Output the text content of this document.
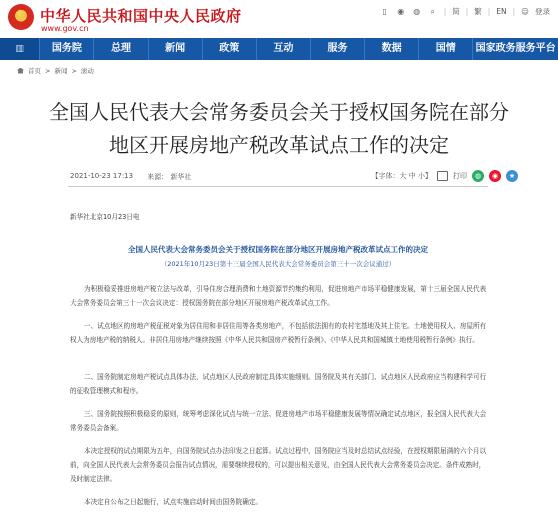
★
中华人民共和国中央人民政府
www.gov.cn
▯	◉ ◍	⌕	| 简 | 繁 | EN | ☺ 登录
▥	国务院	总理	新闻	政策	互动	服务	数据	国情	国家政务服务平台
首页 > 新闻 > 滚动
全国人民代表大会常务委员会关于授权国务院在部分
地区开展房地产税改革试点工作的决定
2021-10-23 17:13 来源： 新华社	【字体：大 中 小】	打印	◍	◉	★
新华社北京10月23日电
全国人民代表大会常务委员会关于授权国务院在部分地区开展房地产税改革试点工作的决定
（2021年10月23日第十三届全国人民代表大会常务委员会第三十一次会议通过）
为积极稳妥推进房地产税立法与改革，引导住房合理消费和土地资源节约集约利用，促进房地产市场平稳健康发展，第十三届全国人民代表大会常务委员会第三十一次会议决定：授权国务院在部分地区开展房地产税改革试点工作。
一、试点地区的房地产税征税对象为居住用和非居住用等各类房地产，不包括依法拥有的农村宅基地及其上住宅。土地使用权人、房屋所有权人为房地产税的纳税人。非居住用房地产继续按照《中华人民共和国房产税暂行条例》、《中华人民共和国城镇土地使用税暂行条例》执行。
二、国务院制定房地产税试点具体办法，试点地区人民政府制定具体实施细则。国务院及其有关部门、试点地区人民政府应当构建科学可行的征收管理模式和程序。
三、国务院按照积极稳妥的原则，统筹考虑深化试点与统一立法、促进房地产市场平稳健康发展等情况确定试点地区，报全国人民代表大会常务委员会备案。
本决定授权的试点期限为五年，自国务院试点办法印发之日起算。试点过程中，国务院应当及时总结试点经验，在授权期限届满的六个月以前，向全国人民代表大会常务委员会报告试点情况，需要继续授权的，可以提出相关意见，由全国人民代表大会常务委员会决定。条件成熟时，及时制定法律。
本决定自公布之日起施行，试点实施启动时间由国务院确定。
